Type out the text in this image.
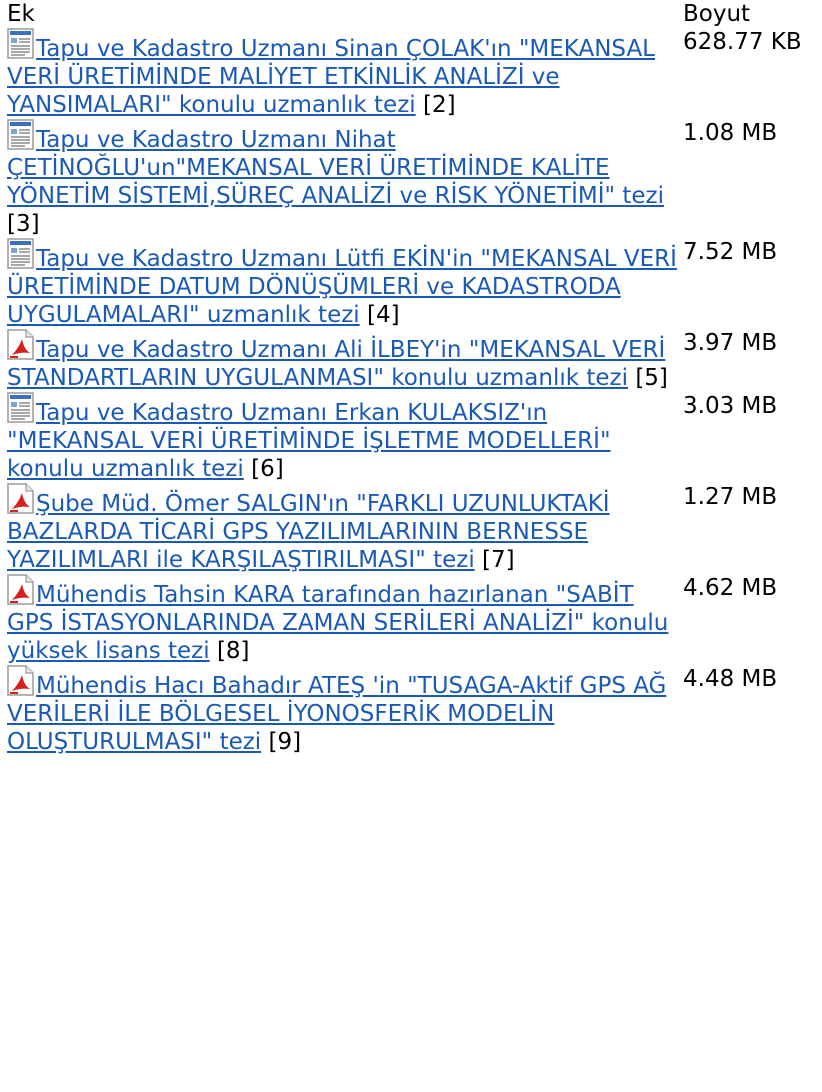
Ek	Boyut
Tapu ve Kadastro Uzmanı Sinan ÇOLAK'ın "MEKANSAL VERİ ÜRETİMİNDE MALİYET ETKİNLİK ANALİZİ ve YANSIMALARI" konulu uzmanlık tezi [2]	628.77 KB
Tapu ve Kadastro Uzmanı Nihat ÇETİNOĞLU'un"MEKANSAL VERİ ÜRETİMİNDE KALİTE YÖNETİM SİSTEMİ,SÜREÇ ANALİZİ ve RİSK YÖNETİMİ" tezi [3]	1.08 MB
Tapu ve Kadastro Uzmanı Lütfi EKİN'in "MEKANSAL VERİ ÜRETİMİNDE DATUM DÖNÜŞÜMLERİ ve KADASTRODA UYGULAMALARI" uzmanlık tezi [4]	7.52 MB
Tapu ve Kadastro Uzmanı Ali İLBEY'in "MEKANSAL VERİ STANDARTLARIN UYGULANMASI" konulu uzmanlık tezi [5]	3.97 MB
Tapu ve Kadastro Uzmanı Erkan KULAKSIZ'ın "MEKANSAL VERİ ÜRETİMİNDE İŞLETME MODELLERİ" konulu uzmanlık tezi [6]	3.03 MB
Şube Müd. Ömer SALGIN'ın "FARKLI UZUNLUKTAKİ BAZLARDA TİCARİ GPS YAZILIMLARININ BERNESSE YAZILIMLARI ile KARŞILAŞTIRILMASI" tezi [7]	1.27 MB
Mühendis Tahsin KARA tarafından hazırlanan "SABİT GPS İSTASYONLARINDA ZAMAN SERİLERİ ANALİZİ" konulu yüksek lisans tezi [8]	4.62 MB
Mühendis Hacı Bahadır ATEŞ 'in "TUSAGA-Aktif GPS AĞ VERİLERİ İLE BÖLGESEL İYONOSFERİK MODELİN OLUŞTURULMASI" tezi [9]	4.48 MB
